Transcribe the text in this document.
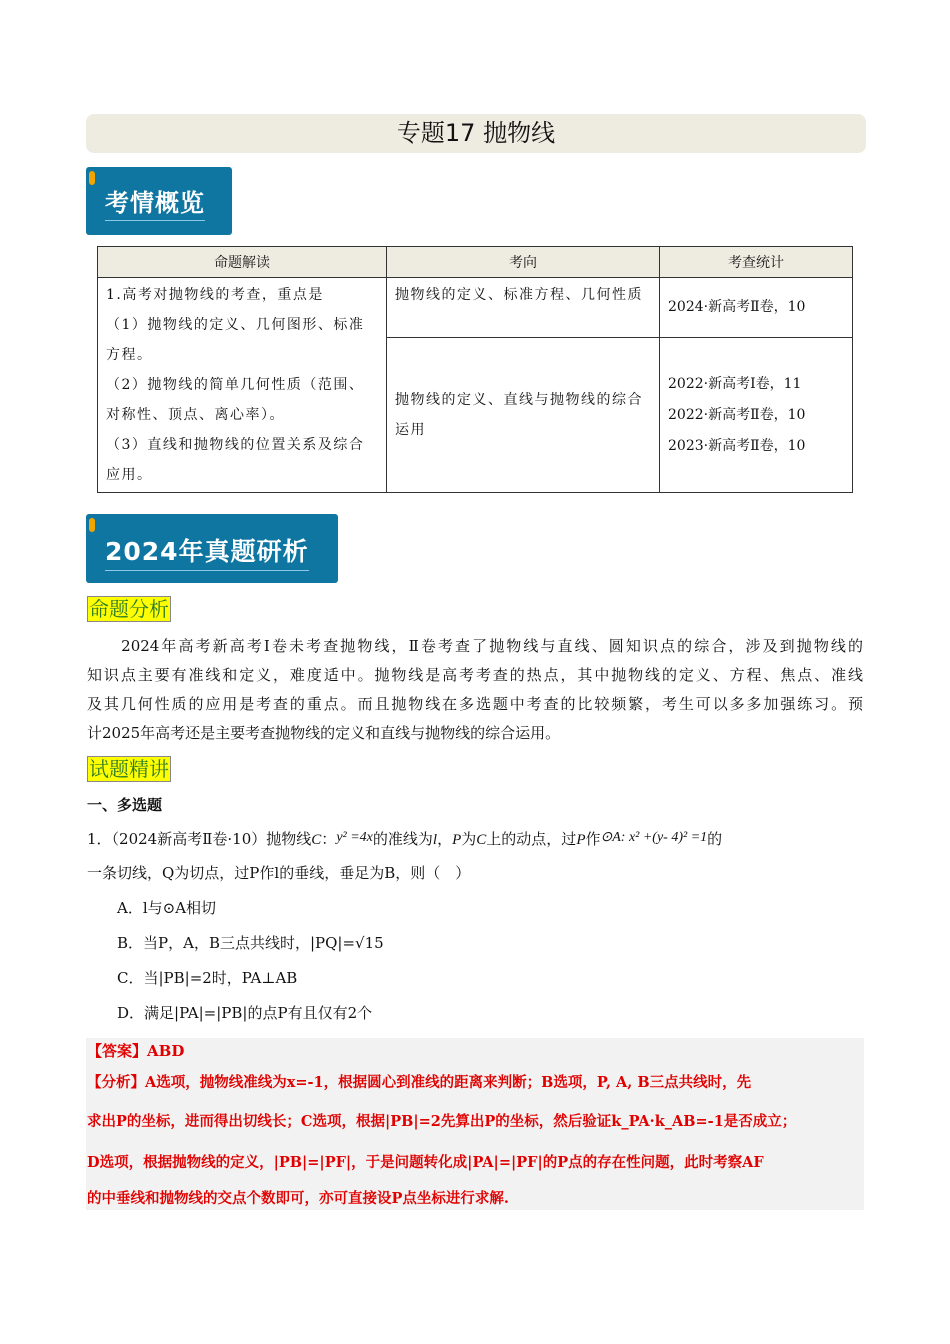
专题17 抛物线
考情概览
命题解读	考向	考查统计

1.高考对抛物线的考查，重点是
（1）抛物线的定义、几何图形、标准方程。
（2）抛物线的简单几何性质（范围、对称性、顶点、离心率）。
（3）直线和抛物线的位置关系及综合应用。	抛物线的定义、标准方程、几何性质	2024·新高考Ⅱ卷，10

	抛物线的定义、直线与抛物线的综合运用	2022·新高考Ⅰ卷，11
2022·新高考Ⅱ卷，10
2023·新高考Ⅱ卷，10
2024年真题研析
命题分析
　　2024年高考新高考Ⅰ卷未考查抛物线，Ⅱ卷考查了抛物线与直线、圆知识点的综合，涉及到抛物线的
知识点主要有准线和定义，难度适中。抛物线是高考考查的热点，其中抛物线的定义、方程、焦点、准线
及其几何性质的应用是考查的重点。而且抛物线在多选题中考查的比较频繁，考生可以多多加强练习。预
计2025年高考还是主要考查抛物线的定义和直线与抛物线的综合运用。
试题精讲
一、多选题
1．（2024新高考Ⅱ卷·10）抛物线C：y² =4x的准线为l，P为C上的动点，过P作⊙A: x² +(y- 4)² =1的
一条切线，Q为切点，过P作l的垂线，垂足为B，则（　）
A．l与⊙A相切
B．当P，A，B三点共线时，|PQ|=√15
C．当|PB|=2时，PA⊥AB
D．满足|PA|=|PB|的点P有且仅有2个
【答案】ABD
【分析】A选项，抛物线准线为x=-1，根据圆心到准线的距离来判断；B选项，P, A, B三点共线时，先
求出P的坐标，进而得出切线长；C选项，根据|PB|=2先算出P的坐标，然后验证k_PA·k_AB=-1是否成立；
D选项，根据抛物线的定义，|PB|=|PF|，于是问题转化成|PA|=|PF|的P点的存在性问题，此时考察AF
的中垂线和抛物线的交点个数即可，亦可直接设P点坐标进行求解.
